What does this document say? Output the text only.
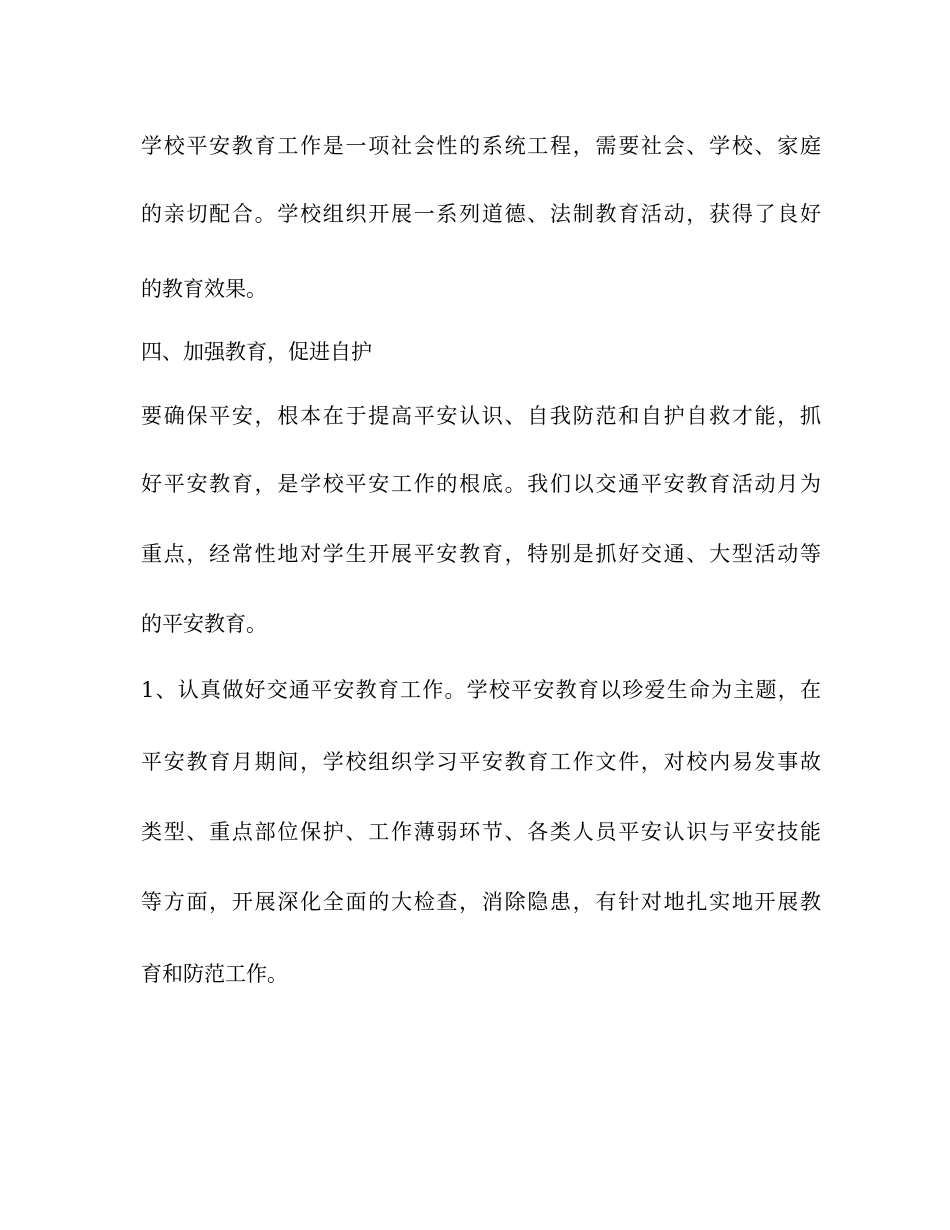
学校平安教育工作是一项社会性的系统工程，需要社会、学校、家庭
的亲切配合。学校组织开展一系列道德、法制教育活动，获得了良好
的教育效果。
四、加强教育，促进自护
要确保平安，根本在于提高平安认识、自我防范和自护自救才能，抓
好平安教育，是学校平安工作的根底。我们以交通平安教育活动月为
重点，经常性地对学生开展平安教育，特别是抓好交通、大型活动等
的平安教育。
1、认真做好交通平安教育工作。学校平安教育以珍爱生命为主题，在
平安教育月期间，学校组织学习平安教育工作文件，对校内易发事故
类型、重点部位保护、工作薄弱环节、各类人员平安认识与平安技能
等方面，开展深化全面的大检查，消除隐患，有针对地扎实地开展教
育和防范工作。
